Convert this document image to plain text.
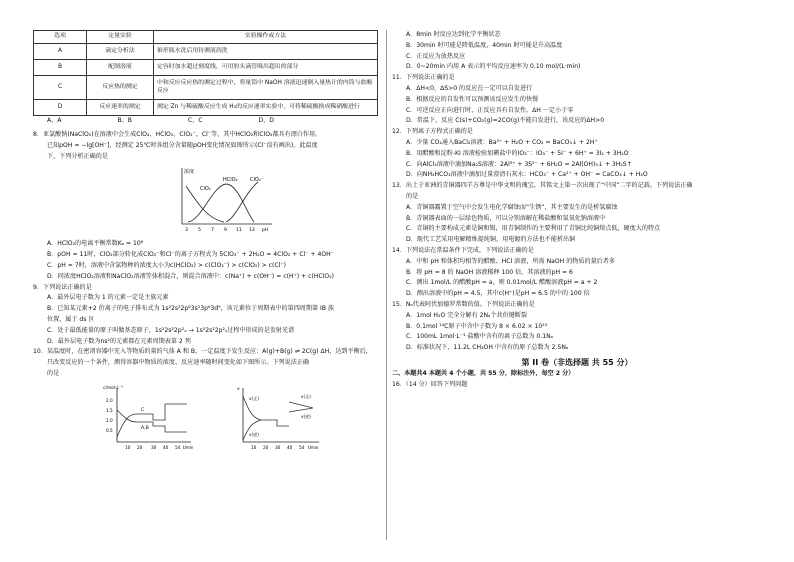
选项	定量实验	实验操作或方法
A	滴定分析法	锥形瓶水洗后用待测液润洗
B	配制溶液	定容时加水超过刻度线，可用胶头滴管吸出超出的部分
C	反应热的测定	中和反应反应热的测定过程中，将量筒中 NaOH 溶液迅速倒入量热计的内筒与盐酸反应
D	反应速率的测定	测定 Zn 与稀硫酸反应生成 H₂的反应速率实验中，可将稀硫酸换成稀硝酸进行
A、A	B、B	C、C	D、D
8．亚氯酸钠(NaClO₂)在溶液中会生成ClO₂、HClO₂、ClO₂⁻、Cl⁻等，其中HClO₂和ClO₂都具有漂白作用。
已知pOH = −lg[OH⁻]，经测定 25℃时各组分含量随pOH变化情况如图所示(Cl⁻没有画出)。此温度
下，下列分析正确的是
浓度
ClO₂
HClO₂ ClO₂⁻
3 5 7 9 11 13 pH
A．HClO₂的电离平衡常数Kₐ = 10⁶
B．pOH = 11时，ClO₂部分转化成ClO₂⁻和Cl⁻的离子方程式为 5ClO₂⁻ + 2H₂O = 4ClO₂ + Cl⁻ + 4OH⁻
C．pH = 7时，溶液中含氯物种的浓度大小为c(HClO₂) > c(ClO₂⁻) > c(ClO₂) > c(Cl⁻)
D．同浓度HClO₂溶液和NaClO₂溶液等体积混合，则混合溶液中：c(Na⁺) + c(OH⁻) = c(H⁺) + c(HClO₂)
9．下列说法正确的是
A．最外层电子数为 1 的元素一定是主族元素
B．已知某元素+2 价离子的电子排布式为 1s²2s²2p⁶3s²3p⁶3d⁹，该元素位于周期表中的第四周期第 IB 族
位置，属于 ds 区
C．处于最低能量的原子叫做基态原子，1s²2s²2p²ₓ → 1s²2s²2p²ᵧ过程中形成的是发射光谱
D．最外层电子数为ns²的元素都在元素周期表第 2 列
10．某温度时，在密闭容器中充入等物质的量的气体 A 和 B，一定温度下发生反应：A(g)+B(g) ⇌ 2C(g) ΔH，达到平衡后，
只改变反应的一个条件，测得容器中物质的浓度、反应速率随时间变化如下图所示。下列说法正确
的是
c/mol·L⁻¹
2.0
1.5
1.0
0.5
C
A,B
10 20 30 40 54 t/min
v
v(正)
v(逆)
v(正)
v(逆)
10 20 30 40 54 t/min
A．8min 时反应达到化学平衡状态
B．30min 时可能是降低温度，40min 时可能是升高温度
C．正反应为放热反应
D．0~20min 内用 A 表示的平均反应速率为 0.10 mol/(L·min)
11．下列说法正确的是
A．ΔH<0，ΔS>0 的反应在一定可以自发进行
B．根据反应的自发性可以预测该反应发生的快慢
C．可逆反应正向进行时，正反应具有自发性，ΔH 一定小于零
D．常温下，反应 C(s)+CO₂(g)=2CO(g)不能自发进行，该反应的ΔH>0
12．下列离子方程式正确的是
A．少量 CO₂通入BaCl₂溶液：Ba²⁺ + H₂O + CO₂ = BaCO₃↓ + 2H⁺
B．用醋酸和淀粉-KI 溶液检验加碘盐中的IO₃⁻：IO₃⁻ + 5I⁻ + 6H⁺ = 3I₂ + 3H₂O
C．向AlCl₃溶液中滴加Na₂S溶液：2Al³⁺ + 3S²⁻ + 6H₂O = 2Al(OH)₃↓ + 3H₂S↑
D．向NH₄HCO₃溶液中滴加过量澄清石灰水：HCO₃⁻ + Ca²⁺ + OH⁻ = CaCO₃↓ + H₂O
13．出土于亚洲的青铜器四羊方尊是中华文明的瑰宝，其铭文上第一次出现了“中国”二字的记载。下列说法正确
的是
A．青铜器露置于空气中会发生电化学腐蚀而“生锈”，其主要发生的是析氢腐蚀
B．青铜器表面的一层绿色物质，可以分别溶解在稀盐酸和氢氧化钠溶液中
C．青铜的主要构成元素是铜和锡，用青铜制作的主要利用了青铜比纯铜熔点低，硬度大的特点
D．现代工艺采用电解精炼提纯铜，用电镀的方法也不能析出铜
14．下列说法在常温条件下完成，下列说法正确的是
A．中和 pH 和体积均相等的醋酸、HCl 溶液，所需 NaOH 的物质的量后者多
B．将 pH = 8 的 NaOH 溶液稀释 100 倍，其溶液的pH = 6
C．测出 1mol/L 的醋酸pH = a，则 0.01mol/L 醋酸溶液pH = a + 2
D．测出溶液中的pH = 4.5，其中c(H⁺)是pH = 6.5 的中的 100 倍
15．Nₐ代表阿伏加德罗常数的值。下列说法正确的是
A．1mol H₂O 完全分解有 2Nₐ个共价键断裂
B．0.1mol ¹⁴C原子中含中子数为 8 × 6.02 × 10²³
C．100mL 1mol·L⁻¹ 盐酸中含有的离子总数为 0.1Nₐ
D．标准状况下，11.2L CH₃OH 中含有的原子总数为 2.5Nₐ
第 II 卷（非选择题 共 55 分）
二、本题共4 本题共 4 个小题，共 55 分，除标注外，每空 2 分）
16．（14 分）回答下列问题
